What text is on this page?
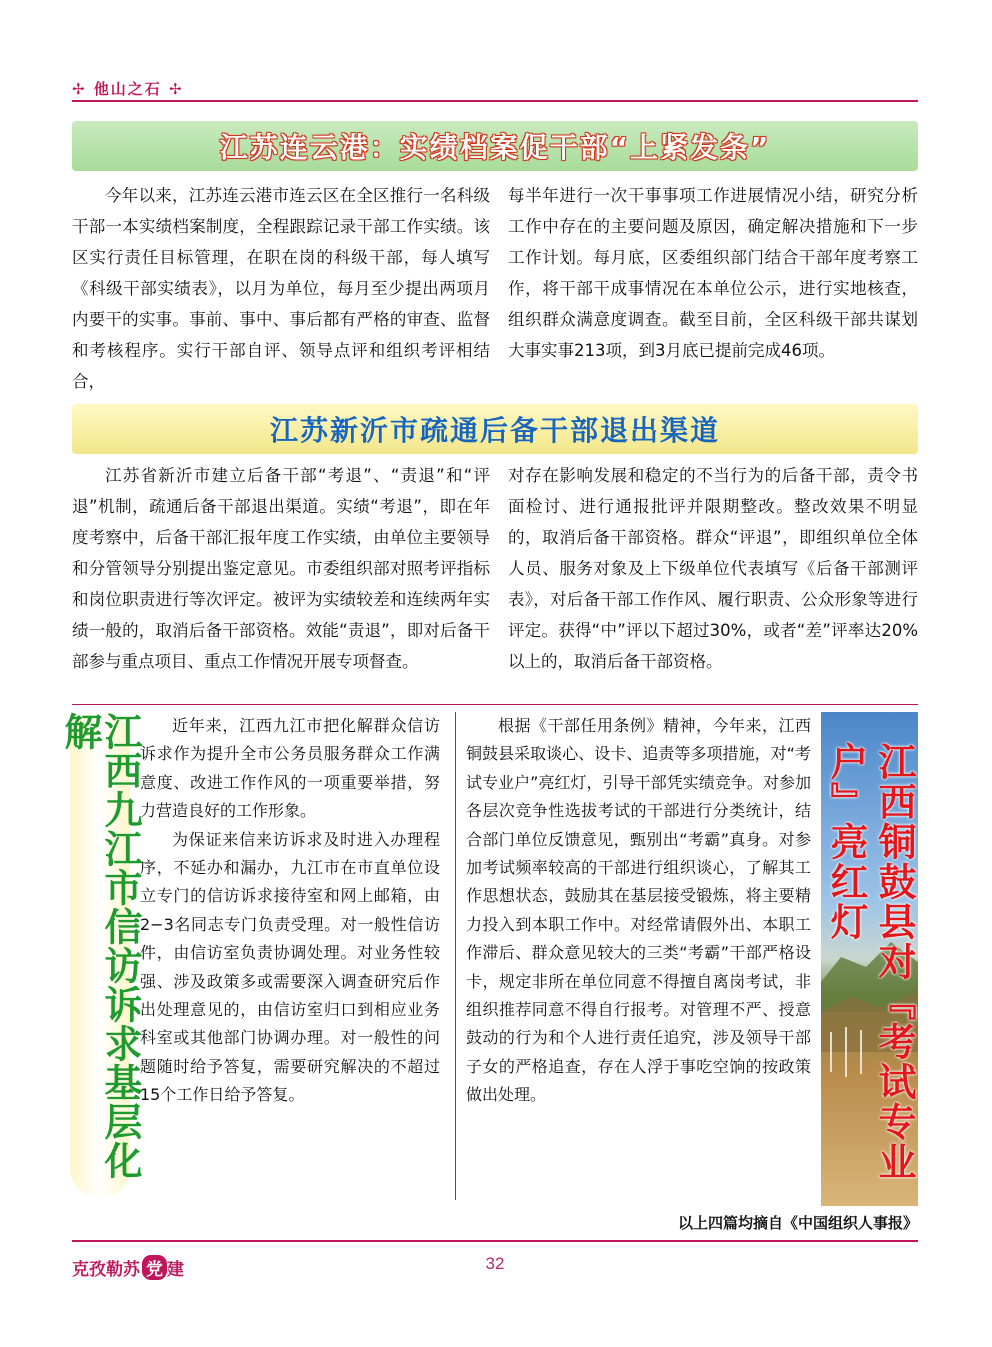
✢ 他山之石 ✢
江苏连云港：实绩档案促干部“上紧发条”

今年以来，江苏连云港市连云区在全区推行一名科级干部一本实绩档案制度，全程跟踪记录干部工作实绩。该区实行责任目标管理，在职在岗的科级干部，每人填写《科级干部实绩表》，以月为单位，每月至少提出两项月内要干的实事。事前、事中、事后都有严格的审查、监督和考核程序。实行干部自评、领导点评和组织考评相结合，

每半年进行一次干事事项工作进展情况小结，研究分析工作中存在的主要问题及原因，确定解决措施和下一步工作计划。每月底，区委组织部门结合干部年度考察工作，将干部干成事情况在本单位公示，进行实地核查，组织群众满意度调查。截至目前，全区科级干部共谋划大事实事213项，到3月底已提前完成46项。

江苏新沂市疏通后备干部退出渠道

江苏省新沂市建立后备干部“考退”、“责退”和“评退”机制，疏通后备干部退出渠道。实绩“考退”，即在年度考察中，后备干部汇报年度工作实绩，由单位主要领导和分管领导分别提出鉴定意见。市委组织部对照考评指标和岗位职责进行等次评定。被评为实绩较差和连续两年实绩一般的，取消后备干部资格。效能“责退”，即对后备干部参与重点项目、重点工作情况开展专项督查。

对存在影响发展和稳定的不当行为的后备干部，责令书面检讨、进行通报批评并限期整改。整改效果不明显的，取消后备干部资格。群众“评退”，即组织单位全体人员、服务对象及上下级单位代表填写《后备干部测评表》，对后备干部工作作风、履行职责、公众形象等进行评定。获得“中”评以下超过30%，或者“差”评率达20%以上的，取消后备干部资格。

江西九江市信访诉求基层化解	近年来，江西九江市把化解群众信访诉求作为提升全市公务员服务群众工作满意度、改进工作作风的一项重要举措，努力营造良好的工作形象。

为保证来信来访诉求及时进入办理程序，不延办和漏办，九江市在市直单位设立专门的信访诉求接待室和网上邮箱，由2−3名同志专门负责受理。对一般性信访件，由信访室负责协调处理。对业务性较强、涉及政策多或需要深入调查研究后作出处理意见的，由信访室归口到相应业务科室或其他部门协调办理。对一般性的问题随时给予答复，需要研究解决的不超过15个工作日给予答复。

根据《干部任用条例》精神，今年来，江西铜鼓县采取谈心、设卡、追责等多项措施，对“考试专业户”亮红灯，引导干部凭实绩竞争。对参加各层次竞争性选拔考试的干部进行分类统计，结合部门单位反馈意见，甄别出“考霸”真身。对参加考试频率较高的干部进行组织谈心，了解其工作思想状态，鼓励其在基层接受锻炼，将主要精力投入到本职工作中。对经常请假外出、本职工作滞后、群众意见较大的三类“考霸”干部严格设卡，规定非所在单位同意不得擅自离岗考试，非组织推荐同意不得自行报考。对管理不严、授意鼓动的行为和个人进行责任追究，涉及领导干部子女的严格追查，存在人浮于事吃空饷的按政策做出处理。	江西铜鼓县对『考试专业户』亮红灯
以上四篇均摘自《中国组织人事报》
克孜勒苏 党 建	32
